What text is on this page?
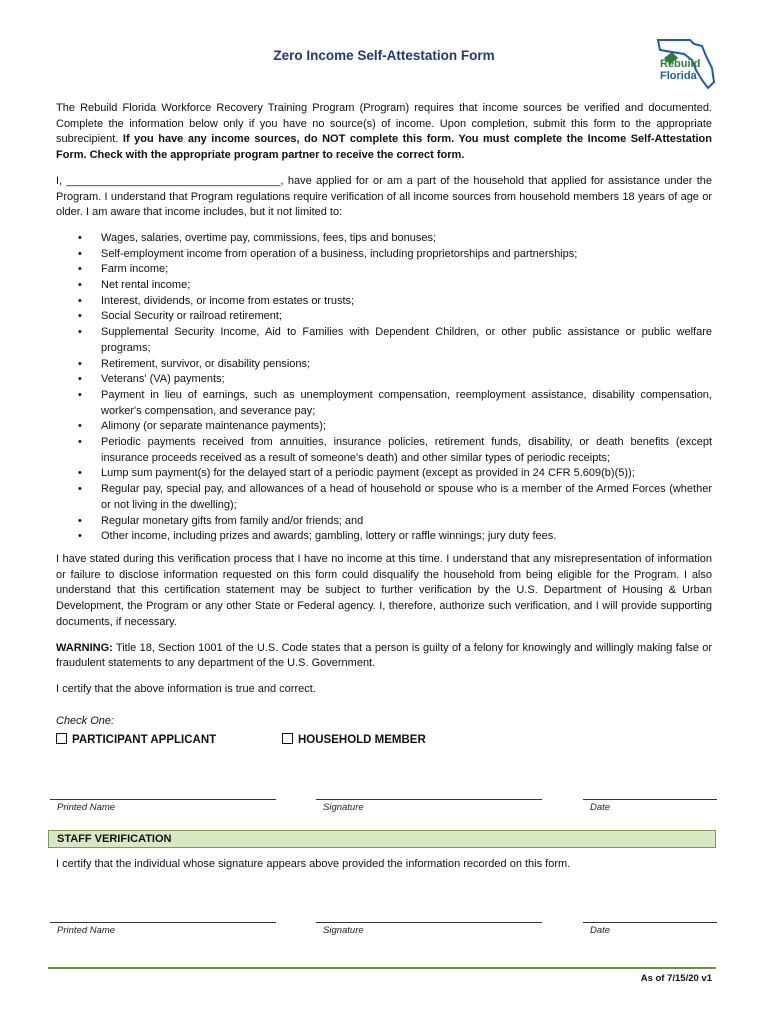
Zero Income Self-Attestation Form
Rebuild
Florida

The Rebuild Florida Workforce Recovery Training Program (Program) requires that income sources be verified and documented. Complete the information below only if you have no source(s) of income. Upon completion, submit this form to the appropriate subrecipient. If you have any income sources, do NOT complete this form. You must complete the Income Self-Attestation Form. Check with the appropriate program partner to receive the correct form.

I, ___________________________________, have applied for or am a part of the household that applied for assistance under the Program. I understand that Program regulations require verification of all income sources from household members 18 years of age or older. I am aware that income includes, but it not limited to:

• Wages, salaries, overtime pay, commissions, fees, tips and bonuses;
• Self-employment income from operation of a business, including proprietorships and partnerships;
• Farm income;
• Net rental income;
• Interest, dividends, or income from estates or trusts;
• Social Security or railroad retirement;
• Supplemental Security Income, Aid to Families with Dependent Children, or other public assistance or public welfare programs;
• Retirement, survivor, or disability pensions;
• Veterans' (VA) payments;
• Payment in lieu of earnings, such as unemployment compensation, reemployment assistance, disability compensation, worker's compensation, and severance pay;
• Alimony (or separate maintenance payments);
• Periodic payments received from annuities, insurance policies, retirement funds, disability, or death benefits (except insurance proceeds received as a result of someone's death) and other similar types of periodic receipts;
• Lump sum payment(s) for the delayed start of a periodic payment (except as provided in 24 CFR 5.609(b)(5));
• Regular pay, special pay, and allowances of a head of household or spouse who is a member of the Armed Forces (whether or not living in the dwelling);
• Regular monetary gifts from family and/or friends; and
• Other income, including prizes and awards; gambling, lottery or raffle winnings; jury duty fees.

I have stated during this verification process that I have no income at this time. I understand that any misrepresentation of information or failure to disclose information requested on this form could disqualify the household from being eligible for the Program. I also understand that this certification statement may be subject to further verification by the U.S. Department of Housing & Urban Development, the Program or any other State or Federal agency. I, therefore, authorize such verification, and I will provide supporting documents, if necessary.

WARNING: Title 18, Section 1001 of the U.S. Code states that a person is guilty of a felony for knowingly and willingly making false or fraudulent statements to any department of the U.S. Government.

I certify that the above information is true and correct.

Check One:
PARTICIPANT APPLICANT	HOUSEHOLD MEMBER
Printed Name	Signature	Date
STAFF VERIFICATION
I certify that the individual whose signature appears above provided the information recorded on this form.
Printed Name	Signature	Date
As of 7/15/20 v1
